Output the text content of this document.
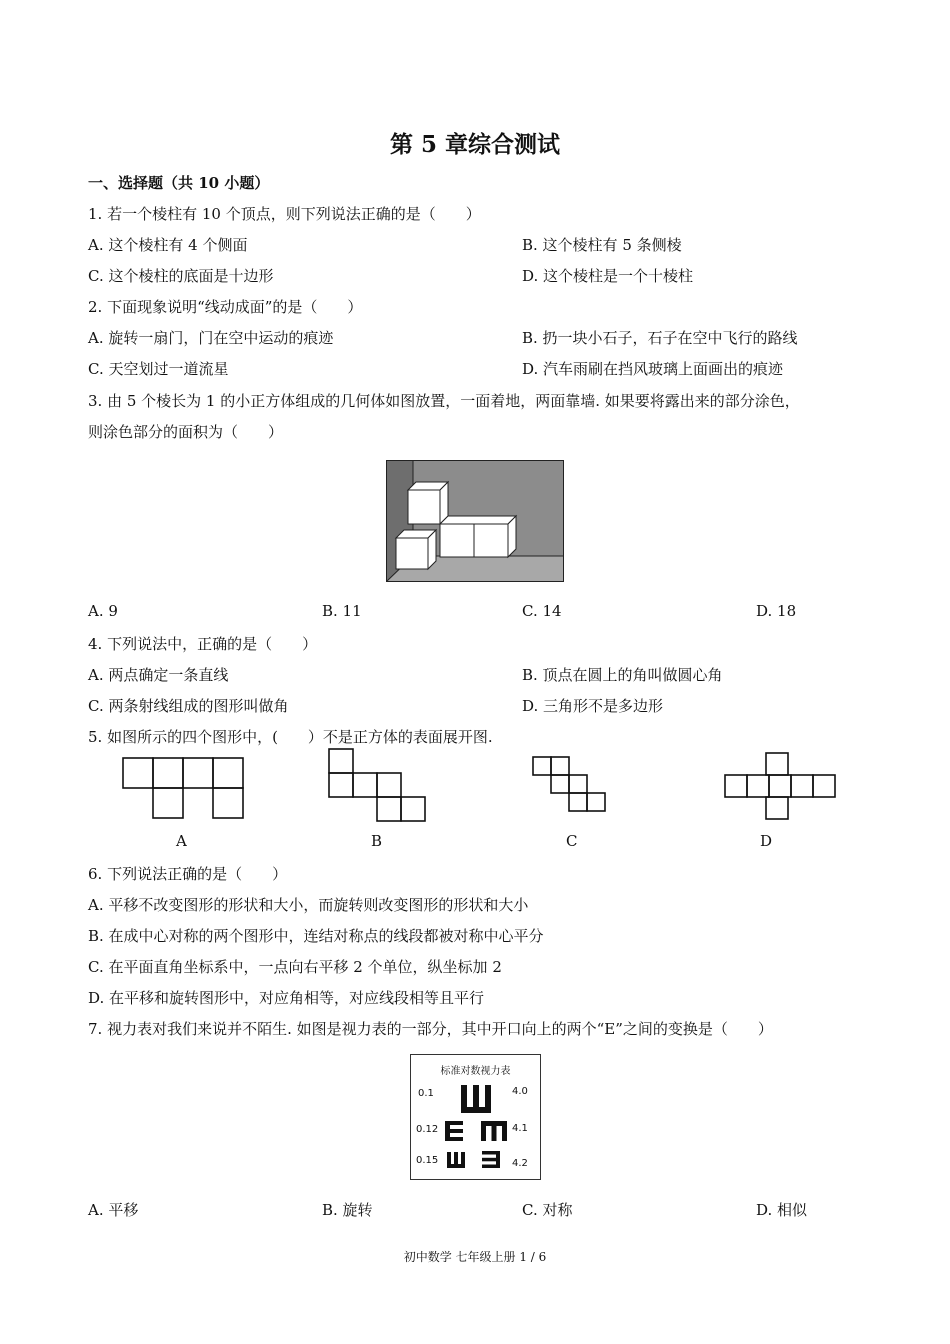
第 5 章综合测试
一、选择题（共 10 小题）
1. 若一个棱柱有 10 个顶点，则下列说法正确的是（　　）
A. 这个棱柱有 4 个侧面	B. 这个棱柱有 5 条侧棱
C. 这个棱柱的底面是十边形	D. 这个棱柱是一个十棱柱
2. 下面现象说明“线动成面”的是（　　）
A. 旋转一扇门，门在空中运动的痕迹	B. 扔一块小石子，石子在空中飞行的路线
C. 天空划过一道流星	D. 汽车雨刷在挡风玻璃上面画出的痕迹
3. 由 5 个棱长为 1 的小正方体组成的几何体如图放置，一面着地，两面靠墙. 如果要将露出来的部分涂色，
则涂色部分的面积为（　　）
A. 9	B. 11	C. 14	D. 18
4. 下列说法中，正确的是（　　）
A. 两点确定一条直线	B. 顶点在圆上的角叫做圆心角
C. 两条射线组成的图形叫做角	D. 三角形不是多边形
5. 如图所示的四个图形中，(　　）不是正方体的表面展开图.
A	B	C	D
6. 下列说法正确的是（　　）
A. 平移不改变图形的形状和大小，而旋转则改变图形的形状和大小
B. 在成中心对称的两个图形中，连结对称点的线段都被对称中心平分
C. 在平面直角坐标系中，一点向右平移 2 个单位，纵坐标加 2
D. 在平移和旋转图形中，对应角相等，对应线段相等且平行
7. 视力表对我们来说并不陌生. 如图是视力表的一部分，其中开口向上的两个“E”之间的变换是（　　）
标准对数视力表
0.1	4.0
0.12	4.1
0.15	4.2
A. 平移	B. 旋转	C. 对称	D. 相似
初中数学 七年级上册 1 / 6
